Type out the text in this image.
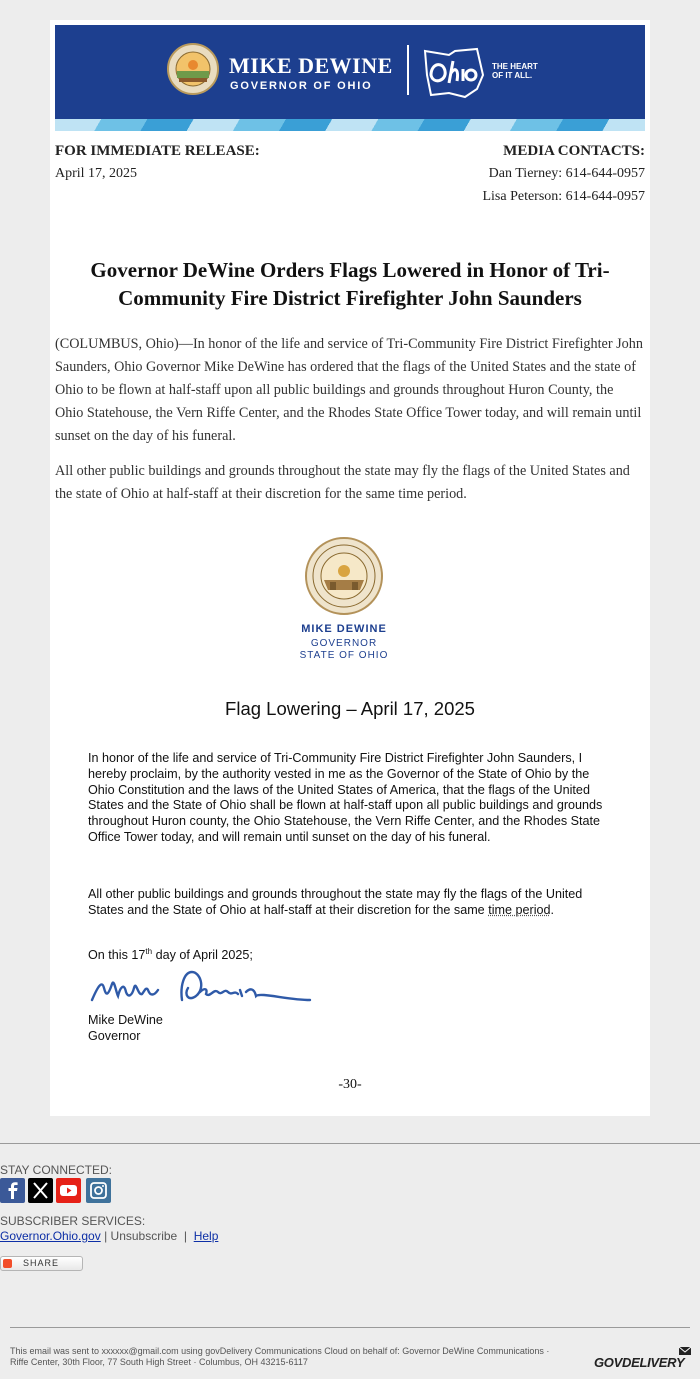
MIKE DEWINE
GOVERNOR OF OHIO
THE HEART
OF IT ALL.
FOR IMMEDIATE RELEASE:
April 17, 2025
MEDIA CONTACTS:
Dan Tierney: 614-644-0957
Lisa Peterson: 614-644-0957
Governor DeWine Orders Flags Lowered in Honor of Tri-
Community Fire District Firefighter John Saunders
(COLUMBUS, Ohio)—In honor of the life and service of Tri-Community Fire District Firefighter John Saunders, Ohio Governor Mike DeWine has ordered that the flags of the United States and the state of Ohio to be flown at half-staff upon all public buildings and grounds throughout Huron County, the Ohio Statehouse, the Vern Riffe Center, and the Rhodes State Office Tower today, and will remain until sunset on the day of his funeral.
All other public buildings and grounds throughout the state may fly the flags of the United States and the state of Ohio at half-staff at their discretion for the same time period.
MIKE DEWINE
GOVERNOR
STATE OF OHIO
Flag Lowering – April 17, 2025
In honor of the life and service of Tri-Community Fire District Firefighter John Saunders, I hereby proclaim, by the authority vested in me as the Governor of the State of Ohio by the Ohio Constitution and the laws of the United States of America, that the flags of the United States and the State of Ohio shall be flown at half-staff upon all public buildings and grounds throughout Huron county, the Ohio Statehouse, the Vern Riffe Center, and the Rhodes State Office Tower today, and will remain until sunset on the day of his funeral.
All other public buildings and grounds throughout the state may fly the flags of the United States and the State of Ohio at half-staff at their discretion for the same time period.
On this 17th day of April 2025;
Mike DeWine
Governor
-30-
STAY CONNECTED:
SUBSCRIBER SERVICES:
Governor.Ohio.gov | Unsubscribe  |  Help
SHARE
This email was sent to xxxxxx@gmail.com using govDelivery Communications Cloud on behalf of: Governor DeWine Communications · Riffe Center, 30th Floor, 77 South High Street · Columbus, OH 43215-6117	GOVDELIVERY
